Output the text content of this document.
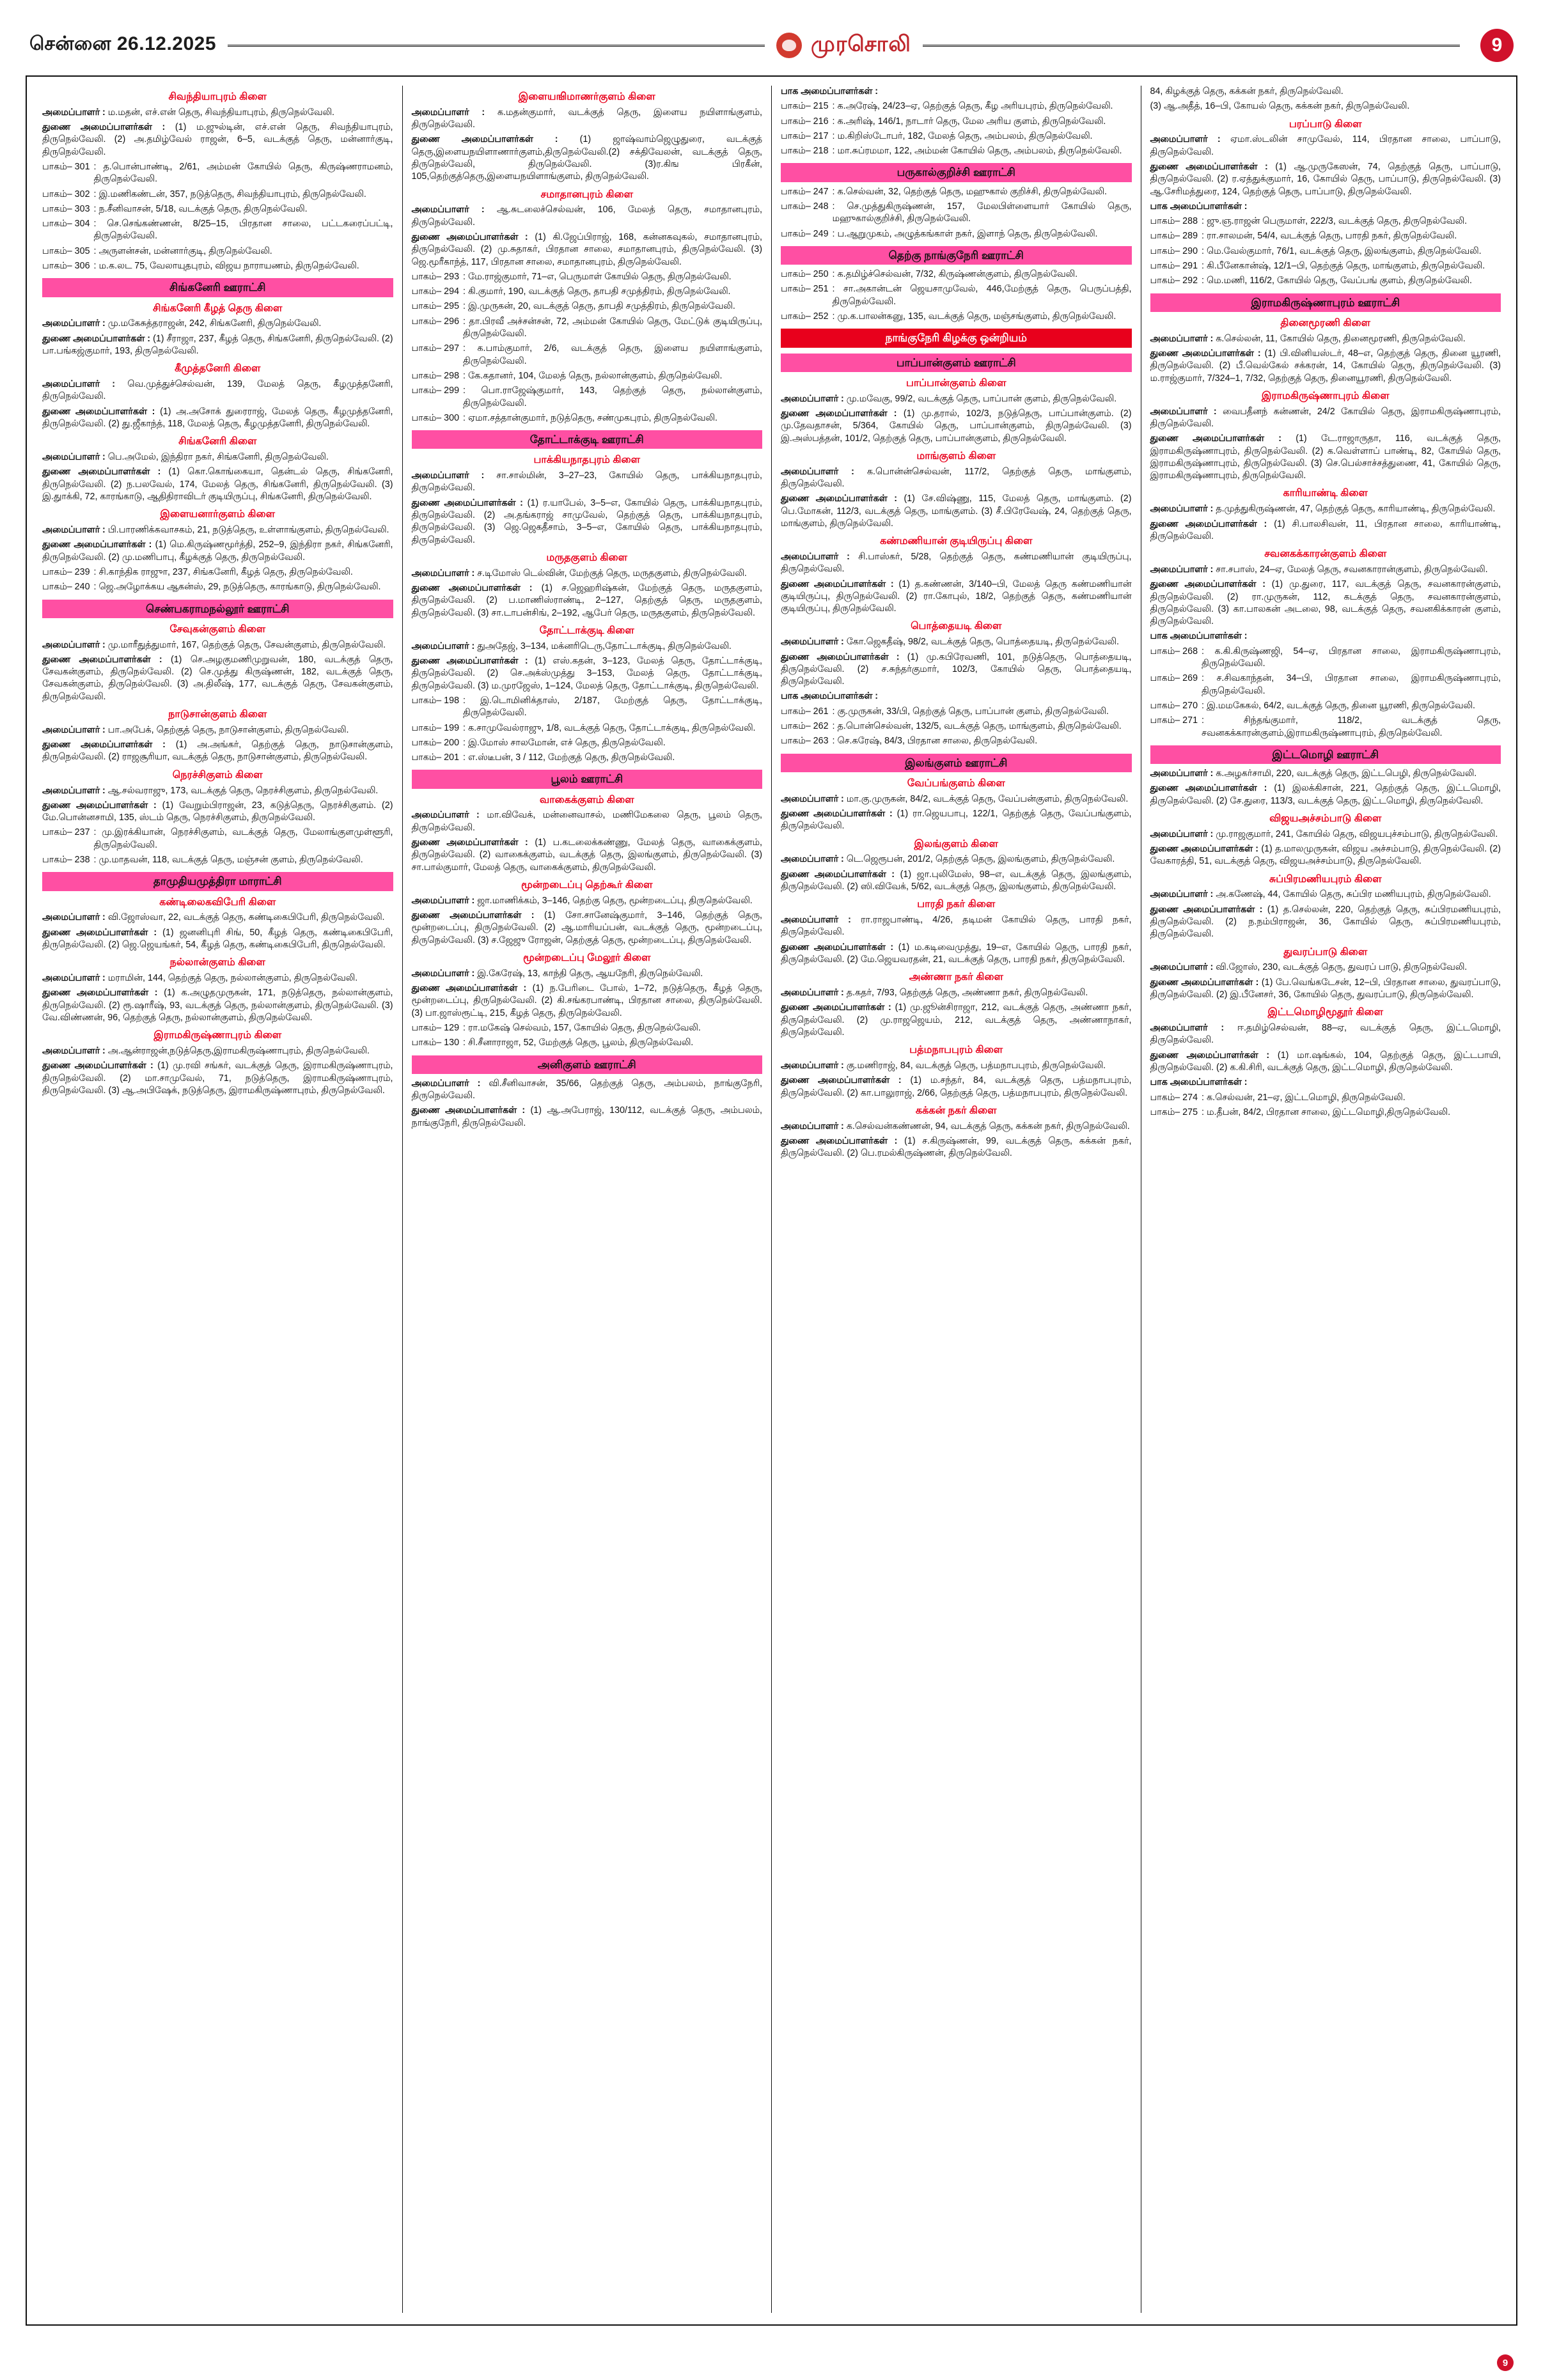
சென்னை 26.12.2025	முரசொலி	9
சிவந்தியாபுரம் கிளை

அமைப்பாளர் : ம.மதன், எச்.என் தெரு, சிவந்தியாபுரம், திருநெல்வேலி.

துணை அமைப்பாளர்கள் : (1) ம.ஜுல்டின், எச்.என் தெரு, சிவந்தியாபுரம், திருநெல்வேலி. (2) அ.தமிழ்வேல் ராஜன், 6–5, வடக்குத் தெரு, மன்னார்குடி, திருநெல்வேலி.

பாகம்– 301 : த.பொன்பாண்டி, 2/61, அம்மன் கோயில் தெரு, கிருஷ்ணராமனம், திருநெல்வேலி.
பாகம்– 302 : இ.மணிகண்டன், 357, நடுத்தெரு, சிவந்தியாபுரம், திருநெல்வேலி.
பாகம்– 303 : ந.சீனிவாசன், 5/18, வடக்குத் தெரு, திருநெல்வேலி.
பாகம்– 304 : செ.செங்கண்ணன், 8/25–15, பிரதான சாலை, பட்டகரைப்பட்டி, திருநெல்வேலி.
பாகம்– 305 : அருளன்சன், மன்னார்குடி, திருநெல்வேலி.
பாகம்– 306 : ம.க.லட 75, வேலாயுதபுரம், விஜய நாராயணம், திருநெல்வேலி.
சிங்கனேரி ஊராட்சி
சிங்கனேரி கீழத் தெரு கிளை

அமைப்பாளர் : மு.மகேசுத்தராஜன், 242, சிங்கனேரி, திருநெல்வேலி.

துணை அமைப்பாளர்கள் : (1) சீராஜா, 237, கீழத் தெரு, சிங்கனேரி, திருநெல்வேலி. (2) பா.பங்கஜ்குமார், 193, திருநெல்வேலி.

கீமுத்தனேரி கிளை

அமைப்பாளர் : வெ.முத்துச்செல்வன், 139, மேலத் தெரு, கீழமுத்தனேரி, திருநெல்வேலி.

துணை அமைப்பாளர்கள் : (1) அ.அசோக் துரைராஜ், மேலத் தெரு, கீழமுத்தனேரி, திருநெல்வேலி. (2) து.ஜீகாந்த், 118, மேலத் தெரு, கீழமுத்தனேரி, திருநெல்வேலி.

சிங்கனேரி கிளை

அமைப்பாளர் : பெ.அமேல், இந்திரா நகர், சிங்கனேரி, திருநெல்வேலி.

துணை அமைப்பாளர்கள் : (1) கொ.கொங்கையா, தென்டல் தெரு, சிங்கனேரி, திருநெல்வேலி. (2) ந.பலவேல், 174, மேலத் தெரு, சிங்கனேரி, திருநெல்வேலி. (3) இ.துாக்கி, 72, காரங்காடு, ஆதிதிராவிடர் குடியிருப்பு, சிங்கனேரி, திருநெல்வேலி.

இளையனார்குளம் கிளை

அமைப்பாளர் : பி.பாரணிக்கவாசகம், 21, நடுத்தெரு, உள்ளாங்குளம், திருநெல்வேலி.

துணை அமைப்பாளர்கள் : (1) மெ.கிருஷ்ணமூர்த்தி, 252–9, இந்திரா நகர், சிங்கனேரி, திருநெல்வேலி. (2) மு.மணிபாபு, கீழக்குத் தெரு, திருநெல்வேலி.

பாகம்– 239 : சி.காந்திக ராஜுா, 237, சிங்கனேரி, கீழத் தெரு, திருநெல்வேலி.
பாகம்– 240 : ஜெ.அழோக்கய ஆகன்ஸ், 29, நடுத்தெரு, காரங்காடு, திருநெல்வேலி.
செண்பகராமநல்லூர் ஊராட்சி
சேவுகன்குளம் கிளை

அமைப்பாளர் : மு.மாரீதுத்துமார், 167, தெற்குத் தெரு, சேவன்குளம், திருநெல்வேலி.

துணை அமைப்பாளர்கள் : (1) செ.அழகுமணிமுறுவன், 180, வடக்குத் தெரு, சேவகன்குளம், திருநெல்வேலி. (2) செ.முத்து கிருஷ்ணன், 182, வடக்குத் தெரு, சேவகன்குளம், திருநெல்வேலி. (3) அ.திலீஷ், 177, வடக்குத் தெரு, சேவகன்குளம், திருநெல்வேலி.

நாடுசான்குளம் கிளை

அமைப்பாளர் : பா.அபேக், தெற்குத் தெரு, நாடுசான்குளம், திருநெல்வேலி.

துணை அமைப்பாளர்கள் : (1) அ.அங்கர், தெற்குத் தெரு, நாடுசான்குளம், திருநெல்வேலி. (2) ராஜசூரியா, வடக்குத் தெரு, நாடுசான்குளம், திருநெல்வேலி.

நெரச்சிகுளம் கிளை

அமைப்பாளர் : ஆ.சல்வராஜு, 173, வடக்குத் தெரு, நெரச்சிகுளம், திருநெல்வேலி.

துணை அமைப்பாளர்கள் : (1) வேறும்பிராஜன், 23, கடுத்தெரு, நெரச்சிகுளம். (2) மே.பொன்னசாமி, 135, ஸ்டம் தெரு, நெரச்சிகுளம், திருநெல்வேலி.

பாகம்– 237 : மு.இரக்கியான், நெரச்சிகுளம், வடக்குத் தெரு, மேலாங்குளமுள்ளூரி, திருநெல்வேலி.
பாகம்– 238 : மு.மாதவன், 118, வடக்குத் தெரு, மஞ்சன் குளம், திருநெல்வேலி.
தாமுதியமுத்திரா மாராட்சி
கண்டிலைகவிபேரி கிளை

அமைப்பாளர் : வி.ஜோஸ்வா, 22, வடக்குத் தெரு, கண்டிகைபிபேரி, திருநெல்வேலி.

துணை அமைப்பாளர்கள் : (1) ஜனனிபுரி சிங், 50, கீழத் தெரு, கண்டிகைபிபேரி, திருநெல்வேலி. (2) ஜெ.ஜெயங்கர், 54, கீழத் தெரு, கண்டிகைபிபேரி, திருநெல்வேலி.

நல்லான்குளம் கிளை

அமைப்பாளர் : மராமின், 144, தெற்குத் தெரு, நல்லான்குளம், திருநெல்வேலி.

துணை அமைப்பாளர்கள் : (1) க.அழுதமுருகன், 171, நடுத்தெரு, நல்லான்குளம், திருநெல்வேலி. (2) ரூ.ஷாரீஷ், 93, வடக்குத் தெரு, நல்லான்குளம், திருநெல்வேலி. (3) வே.விண்ணன், 96, தெற்குத் தெரு, நல்லான்குளம், திருநெல்வேலி.

இராமகிருஷ்ணாபுரம் கிளை

அமைப்பாளர் : அ.ஆன்ராஜன்,நடுத்தெரு,இராமகிருஷ்ணாபுரம், திருநெல்வேலி.

துணை அமைப்பாளர்கள் : (1) மு.ரவி சங்கர், வடக்குத் தெரு, இராமகிருஷ்ணாபுரம், திருநெல்வேலி. (2) மா.சாமுவேல், 71, நடுத்தெரு, இராமகிருஷ்ணாபுரம், திருநெல்வேலி. (3) ஆ.அபிஷேக், நடுத்தெரு, இராமகிருஷ்ணாபுரம், திருநெல்வேலி.

இளையஙிமாணர்குளம் கிளை

அமைப்பாளர் : க.மதன்குமார், வடக்குத் தெரு, இளைய நயிளாங்குளம், திருநெல்வேலி.

துணை அமைப்பாளர்கள் : (1) ஜாஷ்வாம்ஜெழுதுரை, வடக்குத் தெரு,இளையநயிளாணார்குளம்,திருநெல்வேலி.(2) சக்திவேலன், வடக்குத் தெரு, திருநெல்வேலி, திருநெல்வேலி. (3)ர.கிங பிரகீன், 105,தெற்குத்தெரு,இளையநயிளாங்குளம், திருநெல்வேலி.

சமாதானபுரம் கிளை

அமைப்பாளர் : ஆ.சுடலைச்செல்வன், 106, மேலத் தெரு, சமாதானபுரம், திருநெல்வேலி.

துணை அமைப்பாளர்கள் : (1) கி.ஜேப்பிராஜ், 168, கன்னகவுகல், சமாதானபுரம், திருநெல்வேலி. (2) மு.சுதாகர், பிரதான சாலை, சமாதானபுரம், திருநெல்வேலி. (3) ஜெ.மூரீகாந்த், 117, பிரதான சாலை, சமாதானபுரம், திருநெல்வேலி.

பாகம்– 293 : மே.ராஜ்குமார், 71–எ, பெருமாள் கோயில் தெரு, திருநெல்வேலி.
பாகம்– 294 : கி.குமார், 190, வடக்குத் தெரு, தாபதி சமுத்திரம், திருநெல்வேலி.
பாகம்– 295 : இ.முருகன், 20, வடக்குத் தெரு, தாபதி சமுத்திரம், திருநெல்வேலி.
பாகம்– 296 : தா.பிரவீ அச்சன்சன், 72, அம்மன் கோயில் தெரு, மேட்டுக் குடியிருப்பு, திருநெல்வேலி.
பாகம்– 297 : க.பாம்குமார், 2/6, வடக்குத் தெரு, இளைய நயிளாங்குளம், திருநெல்வேலி.
பாகம்– 298 : கே.கதானர், 104, மேலத் தெரு, நல்லான்குளம், திருநெல்வேலி.
பாகம்– 299 : பொ.ராஜேஷ்குமார், 143, தெற்குத் தெரு, நல்லான்குளம், திருநெல்வேலி.
பாகம்– 300 : ஏமா.சத்தான்குமார், நடுத்தெரு, சண்முகபுரம், திருநெல்வேலி.
தோட்டாக்குடி ஊராட்சி
பாக்கியநாதபுரம் கிளை

அமைப்பாளர் : சா.சால்மின், 3–27–23, கோயில் தெரு, பாக்கியநாதபுரம், திருநெல்வேலி.

துணை அமைப்பாளர்கள் : (1) ர.யாபேல், 3–5–எ, கோயில் தெரு, பாக்கியநாதபுரம், திருநெல்வேலி. (2) அ.தங்கராஜ் சாமுவேல், தெற்குத் தெரு, பாக்கியநாதபுரம், திருநெல்வேலி. (3) ஜெ.ஜெகதீசாம், 3–5–எ, கோயில் தெரு, பாக்கியநாதபுரம், திருநெல்வேலி.

மருதகுளம் கிளை

அமைப்பாளர் : ச.டிமோஸ் டெல்வின், மேற்குத் தெரு, மருதகுளம், திருநெல்வேலி.

துணை அமைப்பாளர்கள் : (1) ச.ஜெஹரிஷ்கன், மேற்குத் தெரு, மருதகுளம், திருநெல்வேலி. (2) ப.மாணிஸ்ராண்டி, 2–127, தெற்குத் தெரு, மருதகுளம், திருநெல்வேலி. (3) சா.டாபன்சிங், 2–192, ஆபேர் தெரு, மருதகுளம், திருநெல்வேலி.

தோட்டாக்குடி கிளை

அமைப்பாளர் : துஅதேஜ், 3–134, மக்னரிடெரு,தோட்டாக்குடி, திருநெல்வேலி.

துணை அமைப்பாளர்கள் : (1) எஸ்.கதன், 3–123, மேலத் தெரு, தோட்டாக்குடி, திருநெல்வேலி. (2) செ.அக்ஸ்முத்து 3–153, மேலத் தெரு, தோட்டாக்குடி, திருநெல்வேலி. (3) ம.முரஜேஸ், 1–124, மேலத் தெரு, தோட்டாக்குடி, திருநெல்வேலி.

பாகம்– 198 : இ.டொமினிக்தாஸ், 2/187, மேற்குத் தெரு, தோட்டாக்குடி, திருநெல்வேலி.
பாகம்– 199 : க.சாமுவேல்ராஜு, 1/8, வடக்குத் தெரு, தோட்டாக்குடி, திருநெல்வேலி.
பாகம்– 200 : இ.மோஸ் சாலமோன், எச் தெரு, திருநெல்வேலி.
பாகம்– 201 : எ.ஸ்டீபன், 3 / 112, மேற்குத் தெரு, திருநெல்வேலி.
பூலம் ஊராட்சி
வாகைக்குளம் கிளை

அமைப்பாளர் : மா.விவேக், மன்னைவாசல், மணிமேகலை தெரு, பூலம் தெரு, திருநெல்வேலி.

துணை அமைப்பாளர்கள் : (1) ப.கடலைக்கண்ணு, மேலத் தெரு, வாகைக்குளம், திருநெல்வேலி. (2) வாகைக்குளம், வடக்குத் தெரு, இலங்குளம், திருநெல்வேலி. (3) சா.பால்குமார், மேலத் தெரு, வாகைக்குளம், திருநெல்வேலி.

மூன்றடைப்பு தெற்கூர் கிளை

அமைப்பாளர் : ஜா.மாணிக்கம், 3–146, தெற்கு தெரு, மூன்றடைப்பு, திருநெல்வேலி.

துணை அமைப்பாளர்கள் : (1) சோ.சானேஷ்குமார், 3–146, தெற்குத் தெரு, மூன்றடைப்பு, திருநெல்வேலி. (2) ஆ.மாரியப்பன், வடக்குத் தெரு, மூன்றடைப்பு, திருநெல்வேலி. (3) ச.ஜேஜு ரோஜன், தெற்குத் தெரு, மூன்றடைப்பு, திருநெல்வேலி.

மூன்றடைப்பு மேலூர் கிளை

அமைப்பாளர் : இ.கேரேஷ், 13, காந்தி தெரு, ஆயநேரி, திருநெல்வேலி.

துணை அமைப்பாளர்கள் : (1) ந.பேரிடை போல், 1–72, நடுத்தெரு, கீழத் தெரு, மூன்றடைப்பு, திருநெல்வேலி. (2) கி.சங்கரபாண்டி, பிரதான சாலை, திருநெல்வேலி. (3) பா.ஜாஸ்ரூட்டி, 215, கீழத் தெரு, திருநெல்வேலி.

பாகம்– 129 : ரா.மகேஷ் செல்வம், 157, கோயில் தெரு, திருநெல்வேலி.
பாகம்– 130 : சி.சீனாராஜா, 52, மேற்குத் தெரு, பூலம், திருநெல்வேலி.
அனிகுளம் ஊராட்சி

அமைப்பாளர் : வி.சீனிவாசன், 35/66, தெற்குத் தெரு, அம்பலம், நாங்குநேரி, திருநெல்வேலி.

துணை அமைப்பாளர்கள் : (1) ஆ.அபேராஜ், 130/112, வடக்குத் தெரு, அம்பலம், நாங்குநேரி, திருநெல்வேலி.

பாக அமைப்பாளர்கள் :

பாகம்– 215 : க.அரேஷ், 24/23–ஏ, தெற்குத் தெரு, கீழ அரியபுரம், திருநெல்வேலி.
பாகம்– 216 : க.அரிஷ், 146/1, நாடார் தெரு, மேல அரிய குளம், திருநெல்வேலி.
பாகம்– 217 : ம.கிறிஸ்டோபர், 182, மேலத் தெரு, அம்பலம், திருநெல்வேலி.
பாகம்– 218 : மா.சுப்ரமமா, 122, அம்மன் கோயில் தெரு, அம்பலம், திருநெல்வேலி.
பருகால்குறிச்சி ஊராட்சி
பாகம்– 247 : க.செல்வன், 32, தெற்குத் தெரு, மஹுகால் குறிச்சி, திருநெல்வேலி.
பாகம்– 248 : செ.முத்துகிருஷ்ணன், 157, மேலபிள்ளையார் கோயில் தெரு, மஹுகால்குறிச்சி, திருநெல்வேலி.
பாகம்– 249 : ப.ஆறுமுகம், அழுத்கங்காள் நகர், இளாந் தெரு, திருநெல்வேலி.
தெற்கு நாங்குநேரி ஊராட்சி
பாகம்– 250 : க.தமிழ்ச்செல்வன், 7/32, கிருஷ்ணன்குளம், திருநெல்வேலி.
பாகம்– 251 : சா.அகான்டன் ஜெயசாமுவேல், 446,மேற்குத் தெரு, பெருப்பத்தி, திருநெல்வேலி.
பாகம்– 252 : மு.க.பாலன்கனு, 135, வடக்குத் தெரு, மஞ்சங்குளம், திருநெல்வேலி.
நாங்குநேரி கிழக்கு ஒன்றியம்
பாப்பான்குளம் ஊராட்சி
பாப்பான்குளம் கிளை

அமைப்பாளர் : மு.மவேகு, 99/2, வடக்குத் தெரு, பாப்பான் குளம், திருநெல்வேலி.

துணை அமைப்பாளர்கள் : (1) மு.தரால், 102/3, நடுத்தெரு, பாப்பான்குளம். (2) மு.தேவதாசன், 5/364, கோயில் தெரு, பாப்பான்குளம், திருநெல்வேலி. (3) இ.அஸ்பத்தன், 101/2, தெற்குத் தெரு, பாப்பான்குளம், திருநெல்வேலி.

மாங்குளம் கிளை

அமைப்பாளர் : க.பொன்ன்செல்வன், 117/2, தெற்குத் தெரு, மாங்குளம், திருநெல்வேலி.

துணை அமைப்பாளர்கள் : (1) சே.விஷ்ணு, 115, மேலத் தெரு, மாங்குளம். (2) பெ.மோகன், 112/3, வடக்குத் தெரு, மாங்குளம். (3) சீ.பிரேவேஷ், 24, தெற்குத் தெரு, மாங்குளம், திருநெல்வேலி.

கண்மணியான் குடியிருப்பு கிளை

அமைப்பாளர் : சி.பாஸ்கர், 5/28, தெற்குத் தெரு, கண்மணியான் குடியிருப்பு, திருநெல்வேலி.

துணை அமைப்பாளர்கள் : (1) த.கண்ணன், 3/140–பி, மேலத் தெரு கண்மணியான் குடியிருப்பு, திருநெல்வேலி. (2) ரா.கோபுல், 18/2, தெற்குத் தெரு, கண்மணியான் குடியிருப்பு, திருநெல்வேலி.

பொத்தையடி கிளை

அமைப்பாளர் : கோ.ஜெகதீஷ், 98/2, வடக்குத் தெரு, பொத்தையடி, திருநெல்வேலி.

துணை அமைப்பாளர்கள் : (1) மு.கபிரேவணி, 101, நடுத்தெரு, பொத்தையடி, திருநெல்வேலி. (2) ச.சுந்தர்குமார், 102/3, கோயில் தெரு, பொத்தையடி, திருநெல்வேலி.

பாக அமைப்பாளர்கள் :

பாகம்– 261 : கு.முருகன், 33/பி, தெற்குத் தெரு, பாப்பான் குளம், திருநெல்வேலி.
பாகம்– 262 : த.பொன்செல்வன், 132/5, வடக்குத் தெரு, மாங்குளம், திருநெல்வேலி.
பாகம்– 263 : செ.கரேஷ், 84/3, பிரதான சாலை, திருநெல்வேலி.
இலங்குளம் ஊராட்சி
வேப்பங்குளம் கிளை

அமைப்பாளர் : மா.கு.முருகன், 84/2, வடக்குத் தெரு, வேப்பன்குளம், திருநெல்வேலி.

துணை அமைப்பாளர்கள் : (1) ரா.ஜெயபாபு, 122/1, தெற்குத் தெரு, வேப்பங்குளம், திருநெல்வேலி.

இலங்குளம் கிளை

அமைப்பாளர் : டெ.ஜெரூபன், 201/2, தெற்குத் தெரு, இலங்குளம், திருநெல்வேலி.

துணை அமைப்பாளர்கள் : (1) ஜா.புலிமேஸ், 98–எ, வடக்குத் தெரு, இலங்குளம், திருநெல்வேலி. (2) ஸி.விவேக், 5/62, வடக்குத் தெரு, இலங்குளம், திருநெல்வேலி.

பாரதி நகர் கிளை

அமைப்பாளர் : ரா.ராஜபாண்டி, 4/26, தடிமன் கோயில் தெரு, பாரதி நகர், திருநெல்வேலி.

துணை அமைப்பாளர்கள் : (1) ம.கடிவைமுத்து, 19–எ, கோயில் தெரு, பாரதி நகர், திருநெல்வேலி. (2) மே.ஜெயவரதன், 21, வடக்குத் தெரு, பாரதி நகர், திருநெல்வேலி.

அண்ணா நகர் கிளை

அமைப்பாளர் : த.கதர், 7/93, தெற்குத் தெரு, அண்ணா நகர், திருநெல்வேலி.

துணை அமைப்பாளர்கள் : (1) மு.ஜூன்சிராஜா, 212, வடக்குத் தெரு, அண்ணா நகர், திருநெல்வேலி. (2) மு.ராஜஜெயம், 212, வடக்குத் தெரு, அண்ணாநாகர், திருநெல்வேலி.

பத்மநாபபுரம் கிளை

அமைப்பாளர் : கு.மணிராஜ், 84, வடக்குத் தெரு, பத்மநாபபுரம், திருநெல்வேலி.

துணை அமைப்பாளர்கள் : (1) ம.சந்தர், 84, வடக்குத் தெரு, பத்மநாபபுரம், திருநெல்வேலி. (2) கா.பாலுராஜ், 2/66, தெற்குத் தெரு, பத்மநாபபுரம், திருநெல்வேலி.

கக்கன் நகர் கிளை

அமைப்பாளர் : க.செல்வன்கண்ணன், 94, வடக்குத் தெரு, கக்கன் நகர், திருநெல்வேலி.

துணை அமைப்பாளர்கள் : (1) ச.கிருஷ்ணன், 99, வடக்குத் தெரு, கக்கன் நகர், திருநெல்வேலி. (2) பெ.ரமல்கிருஷ்ணன், திருநெல்வேலி.

84, கிழக்குத் தெரு, கக்கன் நகர், திருநெல்வேலி.

(3) ஆ.அதீத், 16–பி, கோயல் தெரு, கக்கன் நகர், திருநெல்வேலி.

பரப்பாடு கிளை

அமைப்பாளர் : ஏமா.ஸ்டலின் சாமுவேல், 114, பிரதான சாலை, பாப்பாடு, திருநெல்வேலி.

துணை அமைப்பாளர்கள் : (1) ஆ.முருகேஸன், 74, தெற்குத் தெரு, பாப்பாடு, திருநெல்வேலி. (2) ர.ஏத்துக்குமார், 16, கோயில் தெரு, பாப்பாடு, திருநெல்வேலி. (3) ஆ.சேரிமத்துரை, 124, தெற்குத் தெரு, பாப்பாடு, திருநெல்வேலி.

பாக அமைப்பாளர்கள் :

பாகம்– 288 : ஜு.ஞ.ராஜன் பெருமாள், 222/3, வடக்குத் தெரு, திருநெல்வேலி.
பாகம்– 289 : ரா.சாலமன், 54/4, வடக்குத் தெரு, பாரதி நகர், திருநெல்வேலி.
பாகம்– 290 : மெ.வேல்குமார், 76/1, வடக்குத் தெரு, இலங்குளம், திருநெல்வேலி.
பாகம்– 291 : கி.பீனேகான்ஷ், 12/1–பி, தெற்குத் தெரு, மாங்குளம், திருநெல்வேலி.
பாகம்– 292 : மெ.மணி, 116/2, கோயில் தெரு, வேப்பங் குளம், திருநெல்வேலி.
இராமகிருஷ்ணாபுரம் ஊராட்சி
தினைமூரணி கிளை

அமைப்பாளர் : க.செல்லன், 11, கோயில் தெரு, தினைமூரணி, திருநெல்வேலி.

துணை அமைப்பாளர்கள் : (1) பி.வினியஸ்டர், 48–எ, தெற்குத் தெரு, தினை யூரணி, திருநெல்வேலி. (2) பீ.வெல்கேல் சக்கரன், 14, கோயில் தெரு, திருநெல்வேலி. (3) ம.ராஜ்குமார், 7/324–1, 7/32, தெற்குத் தெரு, தினையூரணி, திருநெல்வேலி.

இராமகிருஷ்ணாபுரம் கிளை

அமைப்பாளர் : வைபதீனந் கன்ணன், 24/2 கோயில் தெரு, இராமகிருஷ்ணாபுரம், திருநெல்வேலி.

துணை அமைப்பாளர்கள் : (1) டே.ராஜாருதா, 116, வடக்குத் தெரு, இராமகிருஷ்ணாபுரம், திருநெல்வேலி. (2) க.வெள்ளாப் பாண்டி, 82, கோயில் தெரு, இராமகிருஷ்ணாபுரம், திருநெல்வேலி. (3) செ.பெல்சாச்சத்துணை, 41, கோயில் தெரு, இராமகிருஷ்ணாபுரம், திருநெல்வேலி.

காரியாண்டி கிளை

அமைப்பாளர் : த.முத்துகிருஷ்ணன், 47, தெற்குத் தெரு, காரியாண்டி, திருநெல்வேலி.

துணை அமைப்பாளர்கள் : (1) சி.பாலசிவன், 11, பிரதான சாலை, காரியாண்டி, திருநெல்வேலி.

சவனகக்காரன்குளம் கிளை

அமைப்பாளர் : சா.சபாஸ், 24–ஏ, மேலத் தெரு, சவனகாரான்குளம், திருநெல்வேலி.

துணை அமைப்பாளர்கள் : (1) மு.துரை, 117, வடக்குத் தெரு, சவனகாரன்குளம், திருநெல்வேலி. (2) ரா.முருகன், 112, கடக்குத் தெரு, சவனகாரன்குளம், திருநெல்வேலி. (3) கா.பாலகன் அடலை, 98, வடக்குத் தெரு, சவனகிக்காரன் குளம், திருநெல்வேலி.

பாக அமைப்பாளர்கள் :

பாகம்– 268 : க.கி.கிருஷ்ணஜி, 54–ஏ, பிரதான சாலை, இராமகிருஷ்ணாபுரம், திருநெல்வேலி.
பாகம்– 269 : ச.சிவகாந்தன், 34–பி, பிரதான சாலை, இராமகிருஷ்ணாபுரம், திருநெல்வேலி.
பாகம்– 270 : இ.மமகேகல், 64/2, வடக்குத் தெரு, தினை யூரணி, திருநெல்வேலி.
பாகம்– 271 : சிந்தங்குமார், 118/2, வடக்குத் தெரு, சவனகக்காரன்குளம்,இராமகிருஷ்ணாபுரம், திருநெல்வேலி.
இட்டமொழி ஊராட்சி

அமைப்பாளர் : க.அழகர்சாமி, 220, வடக்குத் தெரு, இட்டபெழி, திருநெல்வேலி.

துணை அமைப்பாளர்கள் : (1) இலக்கிசான், 221, தெற்குத் தெரு, இட்டமொழி, திருநெல்வேலி. (2) சே.துரை, 113/3, வடக்குத் தெரு, இட்டமொழி, திருநெல்வேலி.

விஜயஅச்சம்பாடு கிளை

அமைப்பாளர் : மு.ராஜகுமார், 241, கோயில் தெரு, விஜயபுச்சம்பாடு, திருநெல்வேலி.

துணை அமைப்பாளர்கள் : (1) த.மாலமுருகன், விஜய அச்சம்பாடு, திருநெல்வேலி. (2) வேகாரத்தி, 51, வடக்குத் தெரு, விஜயஅச்சம்பாடு, திருநெல்வேலி.

சுப்பிரமணியபுரம் கிளை

அமைப்பாளர் : அ.கணேஷ், 44, கோயில் தெரு, சுப்பிர மணியபுரம், திருநெல்வேலி.

துணை அமைப்பாளர்கள் : (1) த.செல்லன், 220, தெற்குத் தெரு, சுப்பிரமணியபுரம், திருநெல்வேலி. (2) ந.நம்பிராஜன், 36, கோயில் தெரு, சுப்பிரமணியபுரம், திருநெல்வேலி.

துவரப்பாடு கிளை

அமைப்பாளர் : வி.ஜோஸ், 230, வடக்குத் தெரு, துவரப் பாடு, திருநெல்வேலி.

துணை அமைப்பாளர்கள் : (1) பே.வெங்கடேசன், 12–பி, பிரதான சாலை, துவரப்பாடு, திருநெல்வேலி. (2) இ.பீனேசர், 36, கோயில் தெரு, துவரப்பாடு, திருநெல்வேலி.

இட்டமொழிமூதூர் கிளை

அமைப்பாளர் : ஈ.தமிழ்செல்வன், 88–ஏ, வடக்குத் தெரு, இட்டமொழி, திருநெல்வேலி.

துணை அமைப்பாளர்கள் : (1) மா.ஷங்கல், 104, தெற்குத் தெரு, இட்டபாயி, திருநெல்வேலி. (2) க.கி.சிரி, வடக்குத் தெரு, இட்டமொழி, திருநெல்வேலி.

பாக அமைப்பாளர்கள் :

பாகம்– 274 : க.செல்வன், 21–ஏ, இட்டமொழி, திருநெல்வேலி.
பாகம்– 275 : ம.தீபன், 84/2, பிரதான சாலை, இட்டமொழி,திருநெல்வேலி.
9
